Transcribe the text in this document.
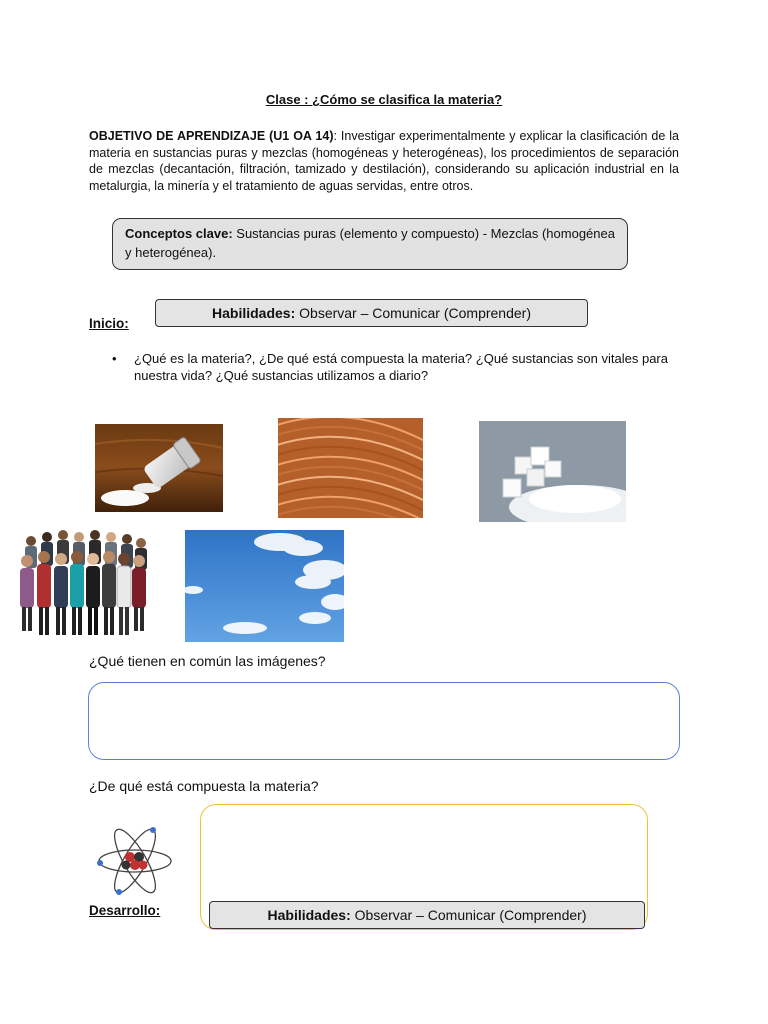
Clase : ¿Cómo se clasifica la materia?
OBJETIVO DE APRENDIZAJE (U1 OA 14): Investigar experimentalmente y explicar la clasificación de la materia en sustancias puras y mezclas (homogéneas y heterogéneas), los procedimientos de separación de mezclas (decantación, filtración, tamizado y destilación), considerando su aplicación industrial en la metalurgia, la minería y el tratamiento de aguas servidas, entre otros.
Conceptos clave: Sustancias puras (elemento y compuesto) - Mezclas (homogénea y heterogénea).
Inicio:
Habilidades: Observar – Comunicar (Comprender)
• ¿Qué es la materia?, ¿De qué está compuesta la materia? ¿Qué sustancias son vitales para nuestra vida? ¿Qué sustancias utilizamos a diario?
¿Qué tienen en común las imágenes?
¿De qué está compuesta la materia?
Desarrollo:	Habilidades: Observar – Comunicar (Comprender)
